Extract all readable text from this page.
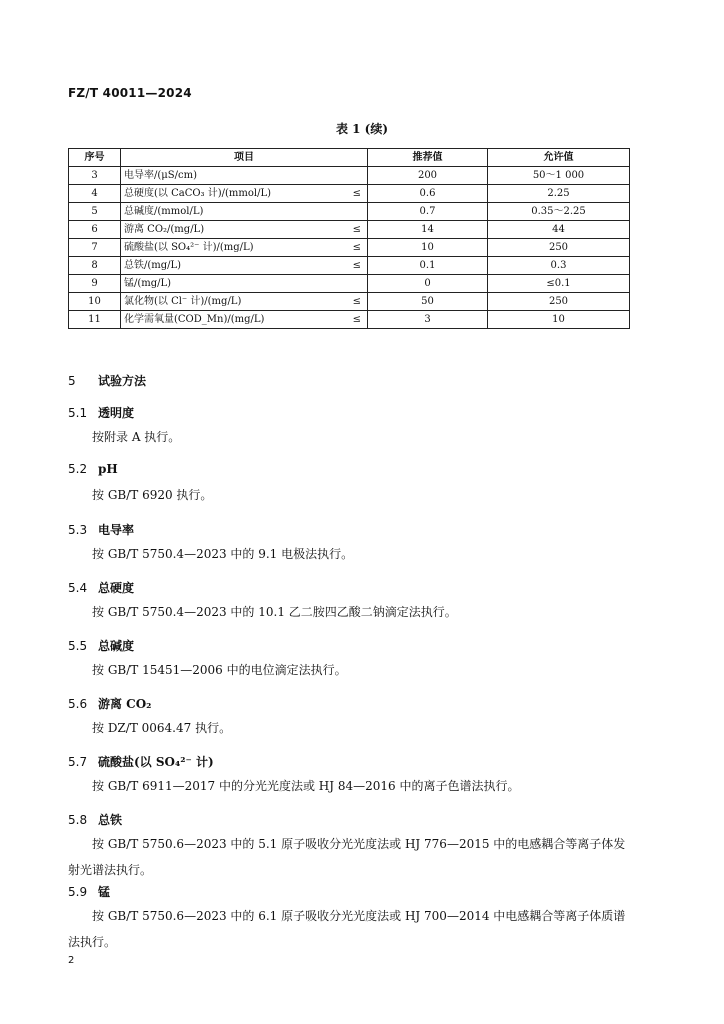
FZ/T 40011—2024
表 1 (续)
序号	项目	推荐值	允许值
3	电导率/(μS/cm)	200	50～1 000
4	总硬度(以 CaCO₃ 计)/(mmol/L) ≤	0.6	2.25
5	总碱度/(mmol/L)	0.7	0.35～2.25
6	游离 CO₂/(mg/L) ≤	14	44
7	硫酸盐(以 SO₄²⁻ 计)/(mg/L) ≤	10	250
8	总铁/(mg/L) ≤	0.1	0.3
9	锰/(mg/L)	0	≤0.1
10	氯化物(以 Cl⁻ 计)/(mg/L) ≤	50	250
11	化学需氧量(COD_Mn)/(mg/L) ≤	3	10
5 试验方法
5.1 透明度
按附录 A 执行。
5.2 pH
按 GB/T 6920 执行。
5.3 电导率
按 GB/T 5750.4—2023 中的 9.1 电极法执行。
5.4 总硬度
按 GB/T 5750.4—2023 中的 10.1 乙二胺四乙酸二钠滴定法执行。
5.5 总碱度
按 GB/T 15451—2006 中的电位滴定法执行。
5.6 游离 CO₂
按 DZ/T 0064.47 执行。
5.7 硫酸盐(以 SO₄²⁻ 计)
按 GB/T 6911—2017 中的分光光度法或 HJ 84—2016 中的离子色谱法执行。
5.8 总铁
按 GB/T 5750.6—2023 中的 5.1 原子吸收分光光度法或 HJ 776—2015 中的电感耦合等离子体发射光谱法执行。
5.9 锰
按 GB/T 5750.6—2023 中的 6.1 原子吸收分光光度法或 HJ 700—2014 中电感耦合等离子体质谱法执行。
2
